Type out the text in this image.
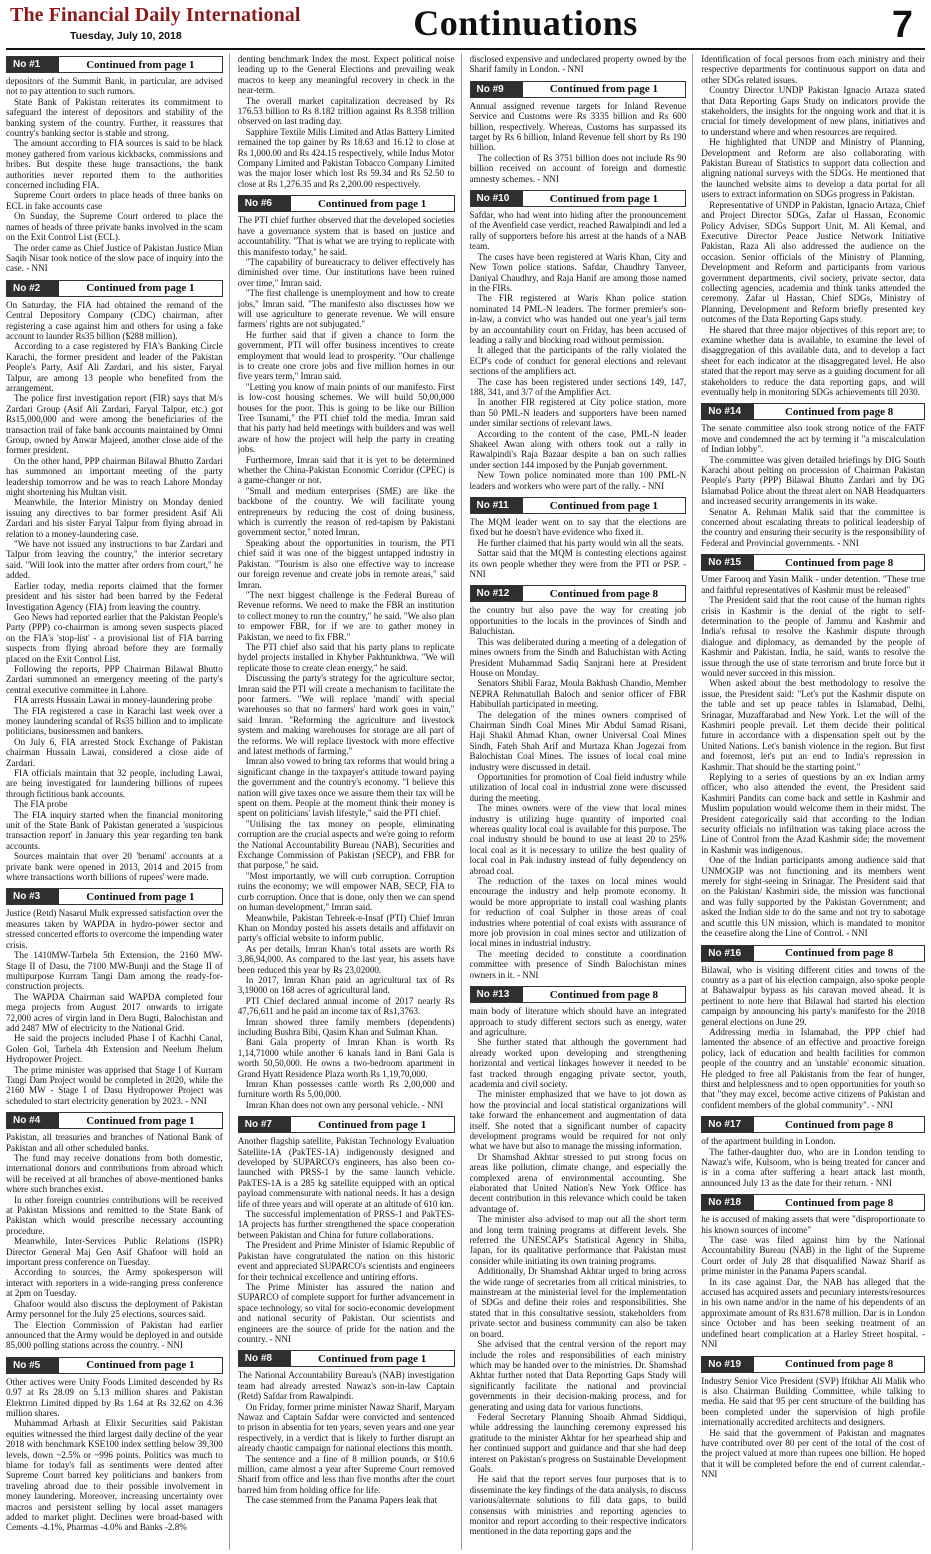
The Financial Daily International
Tuesday, July 10, 2018	Continuations	7
No #1	Continued from page 1

depositors of the Summit Bank, in particular, are advised not to pay attention to such rumors.

State Bank of Pakistan reiterates its commitment to safeguard the interest of depositors and stability of the banking system of the country. Further, it reassures that country's banking sector is stable and strong.

The amount according to FIA sources is said to be black money gathered from various kickbacks, commissions and bribes. But despite these huge transactions, the bank authorities never reported them to the authorities concerned including FIA.

Supreme Court orders to place heads of three banks on ECL in fake accounts case

On Sunday, the Supreme Court ordered to place the names of heads of three private banks involved in the scam on the Exit Control List (ECL).

The order came as Chief Justice of Pakistan Justice Mian Saqib Nisar took notice of the slow pace of inquiry into the case. - NNI

No #2	Continued from page 1

On Saturday, the FIA had obtained the remand of the Central Depository Company (CDC) chairman, after registering a case against him and others for using a fake account to launder Rs35 billion ($288 million).

According to a case registered by FIA's Banking Circle Karachi, the former president and leader of the Pakistan People's Party, Asif Ali Zardari, and his sister, Faryal Talpur, are among 13 people who benefited from the arrangement.

The police first investigation report (FIR) says that M/s Zardari Group (Asif Ali Zardari, Faryal Talpur, etc.) got Rs15,000,000 and were among the beneficiaries of the transaction trail of fake bank accounts maintained by Omni Group, owned by Anwar Majeed, another close aide of the former president.

On the other hand, PPP chairman Bilawal Bhutto Zardari has summoned an important meeting of the party leadership tomorrow and he was to reach Lahore Monday night shortening his Multan visit.

Meanwhile, the Interior Ministry on Monday denied issuing any directives to bar former president Asif Ali Zardari and his sister Faryal Talpur from flying abroad in relation to a money-laundering case.

"We have not issued any instructions to bar Zardari and Talpur from leaving the country," the interior secretary said. "Will look into the matter after orders from court," he added.

Earlier today, media reports claimed that the former president and his sister had been barred by the Federal Investigation Agency (FIA) from leaving the country.

Geo News had reported earlier that the Pakistan People's Party (PPP) co-chairman is among seven suspects placed on the FIA's 'stop-list' - a provisional list of FIA barring suspects from flying abroad before they are formally placed on the Exit Control List.

Following the reports, PPP Chairman Bilawal Bhutto Zardari summoned an emergency meeting of the party's central executive committee in Lahore.

FIA arrests Hussain Lawai in money-laundering probe

The FIA registered a case in Karachi last week over a money laundering scandal of Rs35 billion and to implicate politicians, businessmen and bankers.

On July 6, FIA arrested Stock Exchange of Pakistan chairman Hussain Lawai, considered a close aide of Zardari.

FIA officials maintain that 32 people, including Lawai, are being investigated for laundering billions of rupees through fictitious bank accounts.

The FIA probe

The FIA inquiry started when the financial monitoring unit of the State Bank of Pakistan generated a 'suspicious transaction report' in January this year regarding ten bank accounts.

Sources maintain that over 20 'benami' accounts at a private bank were opened in 2013, 2014 and 2015 from where transactions worth billions of rupees' were made.

No #3	Continued from page 1

Justice (Retd) Nasarul Mulk expressed satisfaction over the measures taken by WAPDA in hydro-power sector and stressed concerted efforts to overcome the impending water crisis.

The 1410MW-Tarbela 5th Extension, the 2160 MW-Stage II of Dasu, the 7100 MW-Bunji and the Stage II of multipurpose Kurram Tangi Dam among the ready-for-construction projects.

The WAPDA Chairman said WAPDA completed four mega projects from August 2017 onwards to irrigate 72,000 acres of virgin land in Dera Bugti, Balochistan and add 2487 MW of electricity to the National Grid.

He said the projects included Phase I of Kachhi Canal, Golen Gol, Tarbela 4th Extension and Neelum Jhelum Hydropower Project.

The prime minister was apprised that Stage I of Kurram Tangi Dam Project would be completed in 2020, while the 2160 MW - Stage I of Dasu Hydropower Project was scheduled to start electricity generation by 2023. - NNI

No #4	Continued from page 1

Pakistan, all treasuries and branches of National Bank of Pakistan and all other scheduled banks.

The fund may receive donations from both domestic, international donors and contributions from abroad which will be received at all branches of above-mentioned banks where such branches exist.

In other foreign countries contributions will be received at Pakistan Missions and remitted to the State Bank of Pakistan which would prescribe necessary accounting procedure.

Meanwhile, Inter-Services Public Relations (ISPR) Director General Maj Gen Asif Ghafoor will hold an important press conference on Tuesday.

According to sources, the Army spokesperson will interact with reporters in a wide-ranging press conference at 2pm on Tuesday.

Ghafoor would also discuss the deployment of Pakistan Army personnel for the July 25 elections, sources said.

The Election Commission of Pakistan had earlier announced that the Army would be deployed in and outside 85,000 polling stations across the country. - NNI

No #5	Continued from page 1

Other actives were Unity Foods Limited descended by Rs 0.97 at Rs 28.09 on 5.13 million shares and Pakistan Elektron Limited dipped by Rs 1.64 at Rs 32.62 on 4.36 million shares.

Muhammad Arbash at Elixir Securities said Pakistan equities witnessed the third largest daily decline of the year 2018 with benchmark KSE100 index settling below 39,300 levels, down ~2.5% or ~996 points. Politics was much to blame for today's fall as sentiments were dented after Supreme Court barred key politicians and bankers from traveling abroad due to their possible involvement in money laundering. Moreover, increasing uncertainty over macros and persistent selling by local asset managers added to market plight. Declines were broad-based with Cements -4.1%, Pharmas -4.0% and Banks -2.8%

denting benchmark Index the most. Expect political noise leading up to the General Elections and prevailing weak macros to keep any meaningful recovery in check in the near-term.

The overall market capitalization decreased by Rs 176.53 billion to Rs 8.182 trillion against Rs 8.358 trillion observed on last trading day.

Sapphire Textile Mills Limited and Atlas Battery Limited remained the top gainer by Rs 18.63 and 16.12 to close at Rs 1,000.00 and Rs 424.15 respectively, while Indus Motor Company Limited and Pakistan Tobacco Company Limited was the major loser which lost Rs 59.34 and Rs 52.50 to close at Rs 1,276.35 and Rs 2,200.00 respectively.

No #6	Continued from page 1

The PTI chief further observed that the developed societies have a governance system that is based on justice and accountability. "That is what we are trying to replicate with this manifesto today," he said.

"The capability of bureaucracy to deliver effectively has diminished over time. Our institutions have been ruined over time," Imran said.

"The first challenge is unemployment and how to create jobs," Imran said. "The manifesto also discusses how we will use agriculture to generate revenue. We will ensure farmers' rights are not subjugated."

He further said that if given a chance to form the government, PTI will offer business incentives to create employment that would lead to prosperity. "Our challenge is to create one crore jobs and five million homes in our five years term," Imran said.

"Letting you know of main points of our manifesto. First is low-cost housing schemes. We will build 50,00,000 houses for the poor. This is going to be like our Billion Tree Tsunami," the PTI chief told the media. Imran said that his party had held meetings with builders and was well aware of how the project will help the party in creating jobs.

Furthermore, Imran said that it is yet to be determined whether the China-Pakistan Economic Corridor (CPEC) is a game-changer or not.

"Small and medium enterprises (SME) are like the backbone of the country. We will facilitate young entrepreneurs by reducing the cost of doing business, which is currently the reason of red-tapism by Pakistani government sector," noted Imran.

Speaking about the opportunities in tourism, the PTI chief said it was one of the biggest untapped industry in Pakistan. "Tourism is also one effective way to increase our foreign revenue and create jobs in remote areas," said Imran.

"The next biggest challenge is the Federal Bureau of Revenue reforms. We need to make the FBR an institution to collect money to run the country," he said. "We also plan to empower FBR, for if we are to gather money in Pakistan, we need to fix FBR."

The PTI chief also said that his party plans to replicate hydel projects installed in Khyber Pakhtunkhwa. "We will replicate those to create clean energy," he said.

Discussing the party's strategy for the agriculture sector, Imran said the PTI will create a mechanism to facilitate the poor farmers. "We will replace 'mandi' with special warehouses so that no farmers' hard work goes in vain," said Imran. "Reforming the agriculture and livestock system and making warehouses for storage are all part of the reforms. We will replace livestock with more effective and latest methods of farming."

Imran also vowed to bring tax reforms that would bring a significant change in the taxpayer's attitude toward paying the government and the country's economy. "I believe this nation will give taxes once we assure them their tax will be spent on them. People at the moment think their money is spent on politicians' lavish lifestyle," said the PTI chief.

"Utilising the tax money on people, eliminating corruption are the crucial aspects and we're going to reform the National Accountability Bureau (NAB), Securities and Exchange Commission of Pakistan (SECP), and FBR for that purpose," he said.

"Most importantly, we will curb corruption. Corruption ruins the economy; we will empower NAB, SECP, FIA to curb corruption. Once that is done, only then we can spend on human development," Imran said.

Meanwhile, Pakistan Tehreek-e-Insaf (PTI) Chief Imran Khan on Monday posted his assets details and affidavit on party's official website to inform public.

As per details, Imran Khan's total assets are worth Rs 3,86,94,000. As compared to the last year, his assets have been reduced this year by Rs 23,02000.

In 2017, Imran Khan paid an agricultural tax of Rs 3,19000 on 168 acres of agricultural land.

PTI Chief declared annual income of 2017 nearly Rs 47,76,611 and he paid an income tax of Rs1,3763.

Imran showed three family members (dependents) including Bushra Bibi, Qasim Khan and Sulman Khan.

Bani Gala property of Imran Khan is worth Rs 1,14,71000 while another 6 kanals land in Bani Gala is worth 50,50,000. He owns a two-bedroom apartment in Grand Hyatt Residence Plaza worth Rs 1,19,70,000.

Imran Khan possesses cattle worth Rs 2,00,000 and furniture worth Rs 5,00,000.

Imran Khan does not own any personal vehicle. - NNI

No #7	Continued from page 1

Another flagship satellite, Pakistan Technology Evaluation Satellite-1A (PakTES-1A) indigenously designed and developed by SUPARCO's engineers, has also been co-launched with PRSS-1 by the same launch vehicle. PakTES-1A is a 285 kg satellite equipped with an optical payload commensurate with national needs. It has a design life of three years and will operate at an altitude of 610 km.

The successful implementation of PRSS-1 and PakTES-1A projects has further strengthened the space cooperation between Pakistan and China for future collaborations.

The President and Prime Minister of Islamic Republic of Pakistan have congratulated the nation on this historic event and appreciated SUPARCO's scientists and engineers for their technical excellence and untiring efforts.

The Prime Minister has assured the nation and SUPARCO of complete support for further advancement in space technology, so vital for socio-economic development and national security of Pakistan. Our scientists and engineers are the source of pride for the nation and the country. - NNI

No #8	Continued from page 1

The National Accountability Bureau's (NAB) investigation team had already arrested Nawaz's son-in-law Captain (Retd) Safdar from Rawalpindi.

On Friday, former prime minister Nawaz Sharif, Maryam Nawaz and Captain Safdar were convicted and sentenced to prison in absentia for ten years, seven years and one year respectively, in a verdict that is likely to further disrupt an already chaotic campaign for national elections this month.

The sentence and a fine of 8 million pounds, or $10.6 million, came almost a year after Supreme Court removed Sharif from office and less than five months after the court barred him from holding office for life.

The case stemmed from the Panama Papers leak that

disclosed expensive and undeclared property owned by the Sharif family in London. - NNI

No #9	Continued from page 1

Annual assigned revenue targets for Inland Revenue Service and Customs were Rs 3335 billion and Rs 600 billion, respectively. Whereas, Customs has surpassed its target by Rs 6 billion, Inland Revenue fell short by Rs 190 billion.

The collection of Rs 3751 billion does not include Rs 90 billion received on account of foreign and domestic amnesty schemes. - NNI

No #10	Continued from page 1

Safdar, who had went into hiding after the pronouncement of the Avenfield case verdict, reached Rawalpindi and led a rally of supporters before his arrest at the hands of a NAB team.

The cases have been registered at Waris Khan, City and New Town police stations. Safdar, Chaudhry Tanveer, Daniyal Chaudhry, and Raja Hanif are among those named in the FIRs.

The FIR registered at Waris Khan police station nominated 14 PML-N leaders. The former premier's son-in-law, a convict who was handed out one year's jail term by an accountability court on Friday, has been accused of leading a rally and blocking road without permission.

It alleged that the participants of the rally violated the ECP's code of conduct for general elections and relevant sections of the amplifiers act.

The case has been registered under sections 149, 147, 188, 341, and 3/7 of the Amplifier Act.

In another FIR registered at City police station, more than 50 PML-N leaders and supporters have been named under similar sections of relevant laws.

According to the content of the case, PML-N leader Shakeel Awan along with others took out a rally in Rawalpindi's Raja Bazaar despite a ban on such rallies under section 144 imposed by the Punjab government.

New Town police nominated more than 100 PML-N leaders and workers who were part of the rally. - NNI

No #11	Continued from page 1

The MQM leader went on to say that the elections are fixed but he doesn't have evidence who fixed it.

He further claimed that his party would win all the seats.

Sattar said that the MQM is contesting elections against its own people whether they were from the PTI or PSP. - NNI

No #12	Continued from page 8

the country but also pave the way for creating job opportunities to the locals in the provinces of Sindh and Baluchistan.

This was deliberated during a meeting of a delegation of mines owners from the Sindh and Baluchistan with Acting President Muhammad Sadiq Sanjrani here at President House on Monday.

Senators Shibli Faraz, Moula Bakhash Chandio, Member NEPRA Rehmatullah Baloch and senior officer of FBR Habibullah participated in meeting.

The delegation of the mines owners comprised of Chairman Sindh Coal Mines Mir Abdul Samad Risani, Haji Shakil Ahmad Khan, owner Universal Coal Mines Sindh, Fateh Shah Arif and Murtaza Khan Jogezai from Balochistan Coal Mines. The issues of local coal mine industry were discussed in detail.

Opportunities for promotion of Coal field industry while utilization of local coal in industrial zone were discussed during the meeting.

The mines owners were of the view that local mines industry is utilizing huge quantity of imported coal whereas quality local coal is available for this purpose. The coal industry should be bound to use at least 20 to 25% local coal as it is necessary to utilize the best quality of local coal in Pak industry instead of fully dependency on abroad coal.

The reduction of the taxes on local mines would encourage the industry and help promote economy. It would be more appropriate to install coal washing plants for reduction of coal Sulpher in those areas of coal industries where potential of coal exists with assurance of more job provision in coal mines sector and utilization of local mines in industrial industry.

The meeting decided to constitute a coordination committee with presence of Sindh Balochistan mines owners in it. - NNI

No #13	Continued from page 8

main body of literature which should have an integrated approach to study different sectors such as energy, water and agriculture.

She further stated that although the government had already worked upon developing and strengthening horizontal and vertical linkages however it needed to be fast tracked through engaging private sector, youth, academia and civil society.

The minister emphasized that we have to jot down as how the provincial and local statistical organizations will take forward the enhancement and augmentation of data itself. She noted that a significant number of capacity development programs would be required for not only what we have but also to manage the missing information.

Dr Shamshad Akhtar stressed to put strong focus on areas like pollution, climate change, and especially the complexed arena of environmental accounting. She elaborated that United Nation's New York Office has decent contribution in this relevance which could be taken advantage of.

The minister also advised to map out all the short term and long term training programs at different levels. She referred the UNESCAP's Statistical Agency in Shiba, Japan, for its qualitative performance that Pakistan must consider while initiating its own training programs.

Additionally, Dr Shamshad Akhtar urged to bring across the wide range of secretaries from all critical ministries, to mainstream at the ministerial level for the implementation of SDGs and define their roles and responsibilities. She stated that in this consultative session, stakeholders from private sector and business community can also be taken on board.

She advised that the central version of the report may include the roles and responsibilities of each ministry which may be handed over to the ministries. Dr. Shamshad Akhtar further noted that Data Reporting Gaps Study will significantly facilitate the national and provincial governments in their decision-making process, and for generating and using data for various functions.

Federal Secretary Planning Shoaib Ahmad Siddiqui, while addressing the launching ceremony expressed his gratitude to the minister Akhtar for her spearhead ship and her continued support and guidance and that she had deep interest on Pakistan's progress on Sustainable Development Goals.

He said that the report serves four purposes that is to disseminate the key findings of the data analysis, to discuss various/alternate solutions to fill data gaps, to build consensus with ministries and reporting agencies to monitor and report according to their respective indicators mentioned in the data reporting gaps and the

Identification of focal persons from each ministry and their respective departments for continuous support on data and other SDGs related issues.

Country Director UNDP Pakistan Ignacio Artaza stated that Data Reporting Gaps Study on indicators provide the stakeholders, the insights for the ongoing work and that it is crucial for timely development of new plans, initiatives and to understand where and when resources are required.

He highlighted that UNDP and Ministry of Planning, Development and Reform are also collaborating with Pakistan Bureau of Statistics to support data collection and aligning national surveys with the SDGs. He mentioned that the launched website aims to develop a data portal for all users to extract information on SDGs progress in Pakistan.

Representative of UNDP in Pakistan, Ignacio Artaza, Chief and Project Director SDGs, Zafar ul Hassan, Economic Policy Adviser, SDGs Support Unit, M. Ali Kemal, and Executive Director Peace Justice Network Initiative Pakistan, Raza Ali also addressed the audience on the occasion. Senior officials of the Ministry of Planning, Development and Reform and participants from various government departments, civil society, private sector, data collecting agencies, academia and think tanks attended the ceremony. Zafar ul Hassan, Chief SDGs, Ministry of Planning, Development and Reform briefly presented key outcomes of the Data Reporting Gaps study.

He shared that three major objectives of this report are; to examine whether data is available, to examine the level of disaggregation of this available data, and to develop a fact sheet for each indicator at the disaggregated level. He also stated that the report may serve as a guiding document for all stakeholders to reduce the data reporting gaps, and will eventually help in monitoring SDGs achievements till 2030.

No #14	Continued from page 8

The senate committee also took strong notice of the FATF move and condemned the act by terming it "a miscalculation of Indian lobby".

The committee was given detailed briefings by DIG South Karachi about pelting on procession of Chairman Pakistan People's Party (PPP) Bilawal Bhutto Zardari and by DG Islamabad Police about the threat alert on NAB Headquarters and increased security arrangements in its wake.

Senator A. Rehman Malik said that the committee is concerned about escalating threats to political leadership of the country and ensuring their security is the responsibility of Federal and Provincial governments. - NNI

No #15	Continued from page 8

Umer Farooq and Yasin Malik - under detention. "These true and faithful representatives of Kashmir must be released"

The President said that the root cause of the human rights crisis in Kashmir is the denial of the right to self-determination to the people of Jammu and Kashmir and India's refusal to resolve the Kashmir dispute through dialogue and diplomacy, as demanded by the people of Kashmir and Pakistan. India, he said, wants to resolve the issue through the use of state terrorism and brute force but it would never succeed in this mission.

When asked about the best methodology to resolve the issue, the President said: "Let's put the Kashmir dispute on the table and set up peace tables in Islamabad, Delhi, Srinagar, Muzaffarabad and New York. Let the will of the Kashmiri people prevail. Let them decide their political future in accordance with a dispensation spelt out by the United Nations. Let's banish violence in the region. But first and foremost, let's put an end to India's repression in Kashmir. That should be the starting point."

Replying to a series of questions by an ex Indian army officer, who also attended the event, the President said Kashmiri Pandits can come back and settle in Kashmir and Muslim population would welcome them in their midst. The President categorically said that according to the Indian security officials no infiltration was taking place across the Line of Control from the Azad Kashmir side; the movement in Kashmir was indigenous.

One of the Indian participants among audience said that UNMOGIP was not functioning and its members went merely for sight-seeing in Srinagar. The President said that on the Pakistan/ Kashmiri side, the mission was functional and was fully supported by the Pakistan Government; and asked the Indian side to do the same and not try to sabotage and scuttle this UN mission, which is mandated to monitor the ceasefire along the Line of Control. - NNI

No #16	Continued from page 8

Bilawal, who is visiting different cities and towns of the country as a part of his election campaign, also spoke people at Bahawalpur bypass as his caravan moved ahead. It is pertinent to note here that Bilawal had started his election campaign by announcing his party's manifesto for the 2018 general elections on June 29.

Addressing media in Islamabad, the PPP chief had lamented the absence of an effective and proactive foreign policy, lack of education and health facilities for common people of the country and an 'unstable' economic situation. He pledged to free all Pakistanis from the fear of hunger, thirst and helplessness and to open opportunities for youth so that "they may excel, become active citizens of Pakistan and confident members of the global community". - NNI

No #17	Continued from page 8

of the apartment building in London.

The father-daughter duo, who are in London tending to Nawaz's wife, Kulsoom, who is being treated for cancer and is in a coma after suffering a heart attack last month, announced July 13 as the date for their return. - NNI

No #18	Continued from page 8

he is accused of making assets that were "disproportionate to his known sources of income"

The case was filed against him by the National Accountability Bureau (NAB) in the light of the Supreme Court order of July 28 that disqualified Nawaz Sharif as prime minister in the Panama Papers scandal.

In its case against Dar, the NAB has alleged that the accused has acquired assets and pecuniary interests/resources in his own name and/or in the name of his dependents of an approximate amount of Rs 831.678 million. Dar is in London since October and has been seeking treatment of an undefined heart complication at a Harley Street hospital. - NNI

No #19	Continued from page 8

Industry Senior Vice President (SVP) Iftikhar Ali Malik who is also Chairman Building Committee, while talking to media. He said that 95 per cent structure of the building has been completed under the supervision of high profile internationally accredited architects and designers.

He said that the government of Pakistan and magnates have contributed over 80 per cent of the total of the cost of the project valued at more than rupees one billion. He hoped that it will be completed before the end of current calendar.-NNI
